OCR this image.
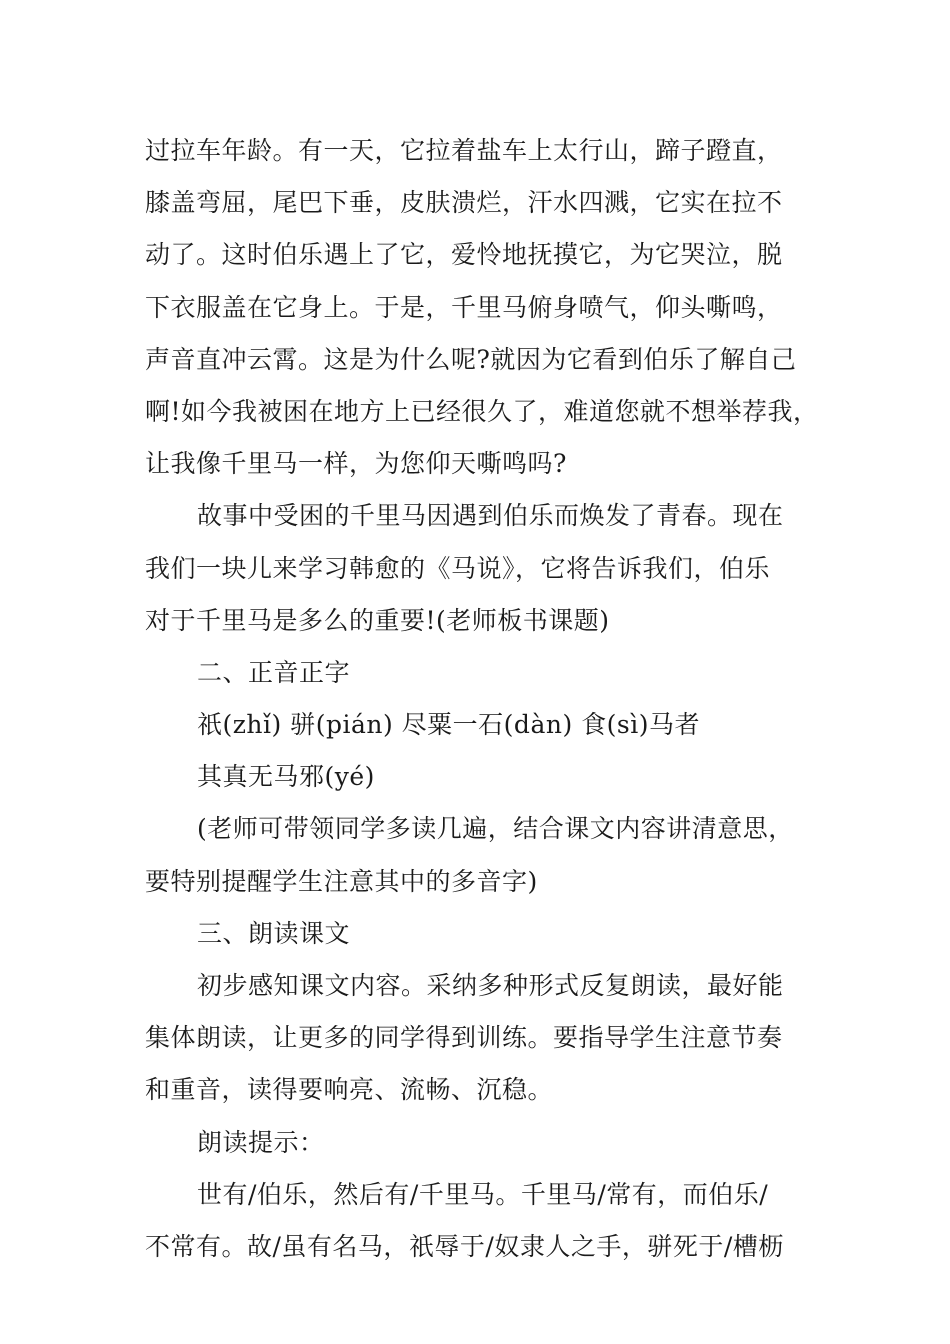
过拉车年龄。有一天，它拉着盐车上太行山，蹄子蹬直，
膝盖弯屈，尾巴下垂，皮肤溃烂，汗水四溅，它实在拉不
动了。这时伯乐遇上了它，爱怜地抚摸它，为它哭泣，脱
下衣服盖在它身上。于是，千里马俯身喷气，仰头嘶鸣，
声音直冲云霄。这是为什么呢?就因为它看到伯乐了解自己
啊!如今我被困在地方上已经很久了，难道您就不想举荐我，
让我像千里马一样，为您仰天嘶鸣吗?
故事中受困的千里马因遇到伯乐而焕发了青春。现在
我们一块儿来学习韩愈的《马说》，它将告诉我们，伯乐
对于千里马是多么的重要!(老师板书课题)
二、正音正字
祇(zhǐ) 骈(pián) 尽粟一石(dàn) 食(sì)马者
其真无马邪(yé)
(老师可带领同学多读几遍，结合课文内容讲清意思，
要特别提醒学生注意其中的多音字)
三、朗读课文
初步感知课文内容。采纳多种形式反复朗读，最好能
集体朗读，让更多的同学得到训练。要指导学生注意节奏
和重音，读得要响亮、流畅、沉稳。
朗读提示：
世有/伯乐，然后有/千里马。千里马/常有，而伯乐/
不常有。故/虽有名马，祇辱于/奴隶人之手，骈死于/槽枥
